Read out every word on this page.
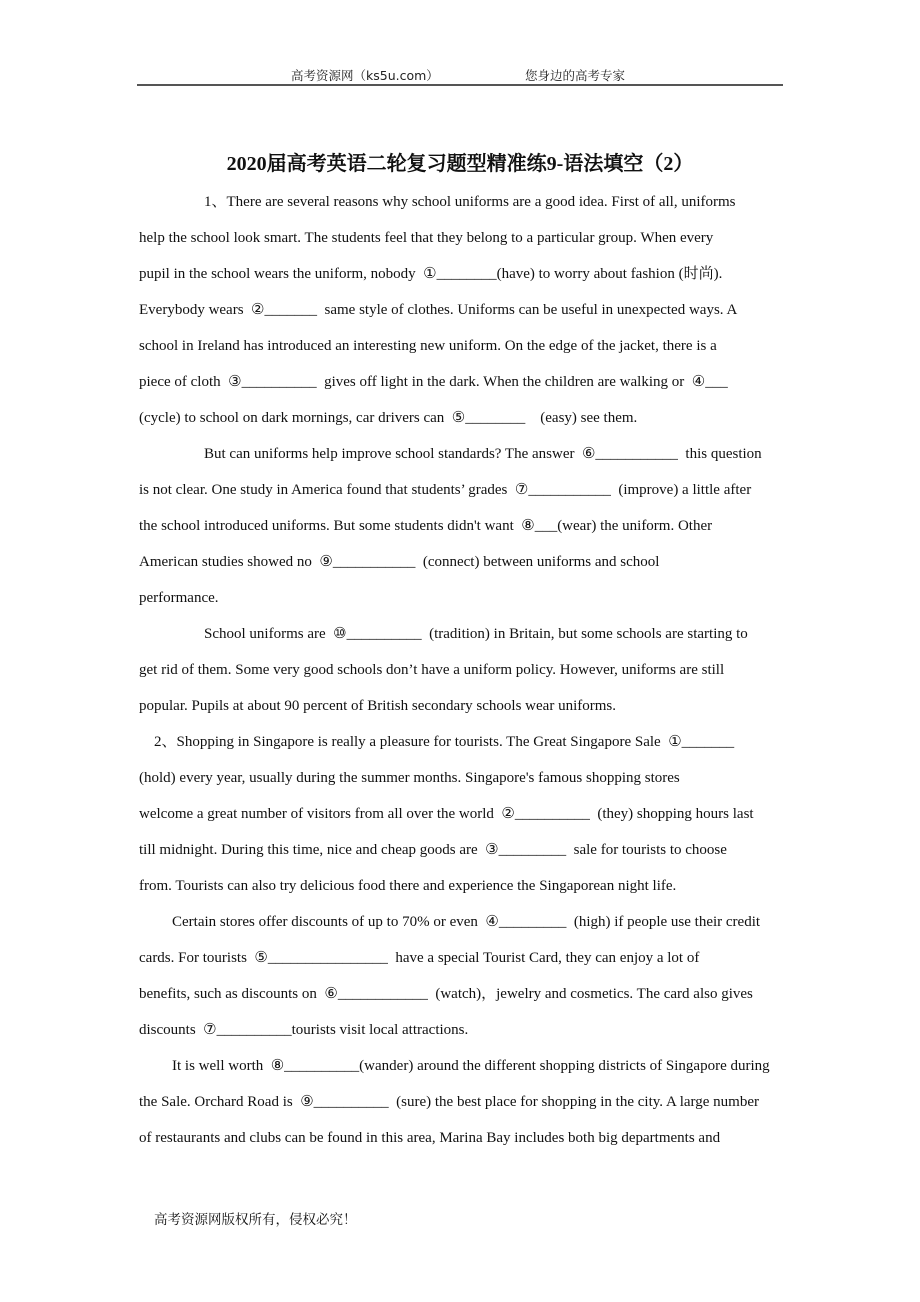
高考资源网（ks5u.com）	您身边的高考专家
2020届高考英语二轮复习题型精准练9-语法填空（2）
1、There are several reasons why school uniforms are a good idea. First of all, uniforms
help the school look smart. The students feel that they belong to a particular group. When every
pupil in the school wears the uniform, nobody  ①________(have) to worry about fashion (时尚).
Everybody wears  ②_______  same style of clothes. Uniforms can be useful in unexpected ways. A
school in Ireland has introduced an interesting new uniform. On the edge of the jacket, there is a
piece of cloth  ③__________  gives off light in the dark. When the children are walking or  ④___
(cycle) to school on dark mornings, car drivers can  ⑤________    (easy) see them.
But can uniforms help improve school standards? The answer  ⑥___________  this question
is not clear. One study in America found that students’ grades  ⑦___________  (improve) a little after
the school introduced uniforms. But some students didn't want  ⑧___(wear) the uniform. Other
American studies showed no  ⑨___________  (connect) between uniforms and school
performance.
School uniforms are  ⑩__________  (tradition) in Britain, but some schools are starting to
get rid of them. Some very good schools don’t have a uniform policy. However, uniforms are still
popular. Pupils at about 90 percent of British secondary schools wear uniforms.
2、Shopping in Singapore is really a pleasure for tourists. The Great Singapore Sale  ①_______
(hold) every year, usually during the summer months. Singapore's famous shopping stores
welcome a great number of visitors from all over the world  ②__________  (they) shopping hours last
till midnight. During this time, nice and cheap goods are  ③_________  sale for tourists to choose
from. Tourists can also try delicious food there and experience the Singaporean night life.
Certain stores offer discounts of up to 70% or even  ④_________  (high) if people use their credit
cards. For tourists  ⑤________________  have a special Tourist Card, they can enjoy a lot of
benefits, such as discounts on  ⑥____________  (watch)，jewelry and cosmetics. The card also gives
discounts  ⑦__________tourists visit local attractions.
It is well worth  ⑧__________(wander) around the different shopping districts of Singapore during
the Sale. Orchard Road is  ⑨__________  (sure) the best place for shopping in the city. A large number
of restaurants and clubs can be found in this area, Marina Bay includes both big departments and
高考资源网版权所有，侵权必究！
